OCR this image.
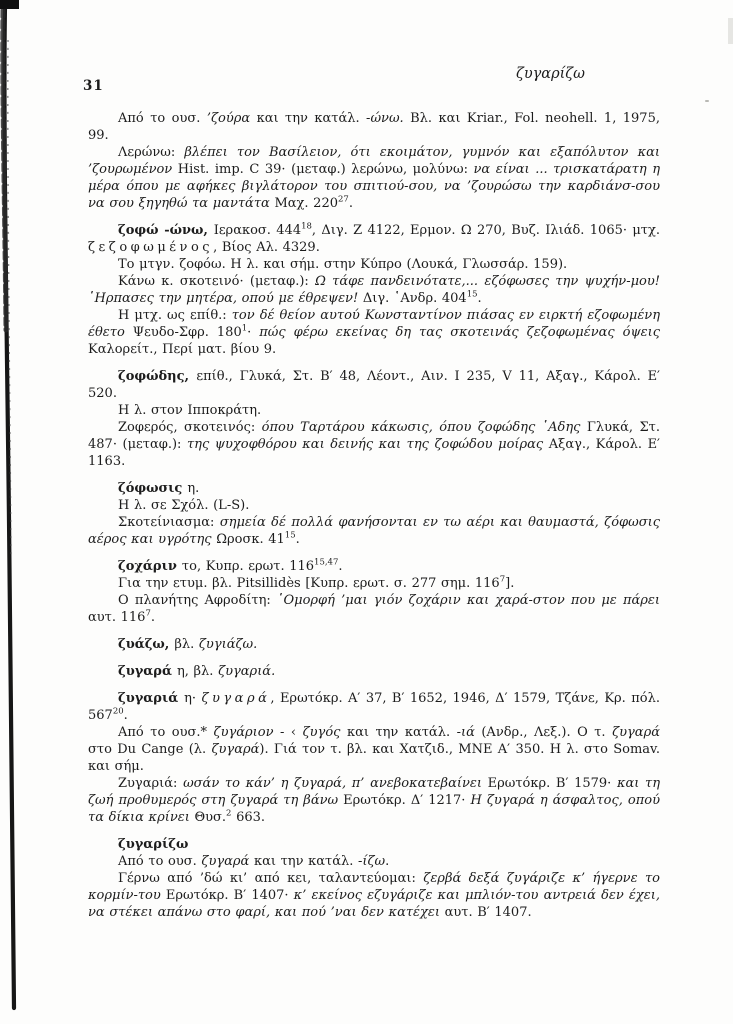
31
ζυγαρίζω

Από το ουσ. ’ζούρα και την κατάλ. -ώνω. Βλ. και Kriar., Fol. neohell. 1, 1975, 99.

Λερώνω: βλέπει τον Βασίλειον, ότι εκοιμάτον, γυμνόν και εξαπόλυτον και ’ζουρωμένον Hist. imp. C 39· (μεταφ.) λερώνω, μολύνω: να είναι ... τρισκατάρατη η μέρα όπου με αφήκες βιγλάτορον του σπιτιού-σου, να ’ζουρώσω την καρδιάνσ-σου να σου ξηγηθώ τα μαντάτα Μαχ. $220^{27}$.

ζοφώ -ώνω, Ιερακοσ. $444^{18}$, Διγ. Ζ 4122, Ερμον. Ω 270, Βυζ. Ιλιάδ. 1065· μτχ. ζεζοφωμένος, Βίος Αλ. 4329.

Το μτγν. ζοφόω. Η λ. και σήμ. στην Κύπρο (Λουκά, Γλωσσάρ. 159).

Κάνω κ. σκοτεινό· (μεταφ.): Ω τάφε πανδεινότατε,... εζόφωσες την ψυχήν-μου! ῾Ηρπασες την μητέρα, οπού με έθρεψεν! Διγ. ῾Ανδρ. $404^{15}$.

Η μτχ. ως επίθ.: τον δέ θείον αυτού Κωνσταντίνον πιάσας εν ειρκτή εζοφωμένη έθετο Ψευδο-Σφρ. $180^1\cdot \pi ώ\varsigma$ φέρω εκείνας δη τας σκοτεινάς ζεζοφωμένας όψεις Καλορείτ., Περί ματ. βίου 9.

ζοφώδης, επίθ., Γλυκά, Στ. Β′ 48, Λέοντ., Αιν. Ι 235, V 11, Αξαγ., Κάρολ. Ε′ 520.

Η λ. στον Ιπποκράτη.

Ζοφερός, σκοτεινός: όπου Ταρτάρου κάκωσις, όπου ζοφώδης ῾Αδης Γλυκά, Στ. 487· (μεταφ.): της ψυχοφθόρου και δεινής και της ζοφώδου μοίρας Αξαγ., Κάρολ. Ε′ 1163.

ζόφωσις η.

Η λ. σε Σχόλ. (L-S).

Σκοτείνιασμα: σημεία δέ πολλά φανήσονται εν τω αέρι και θαυμαστά, ζόφωσις αέρος και υγρότης Ωροσκ. $41^{15}$.

ζοχάριν το, Κυπρ. ερωτ. 116$^{15,47}$.

Για την ετυμ. βλ. Pitsillidès [Κυπρ. ερωτ. σ. 277 σημ. $116^7$].

Ο πλανήτης Αφροδίτη: ῾Ομορφή ’μαι γιόν ζοχάριν και χαρά-στον που με πάρει αυτ. $116^7$.

ζυάζω, βλ. ζυγιάζω.

ζυγαρά η, βλ. ζυγαριά.

ζυγαριά η· ζυγαρά, Ερωτόκρ. Α′ 37, Β′ 1652, 1946, Δ′ 1579, Τζάνε, Κρ. πόλ. $567^{20}$.

Από το ουσ.* ζυγάριον - ‹ ζυγός και την κατάλ. -ιά (Ανδρ., Λεξ.). Ο τ. ζυγαρά στο Du Cange (λ. ζυγαρά). Γιά τον τ. βλ. και Χατζιδ., ΜΝΕ Α′ 350. Η λ. στο Somav. και σήμ.

Ζυγαριά: ωσάν το κάν’ η ζυγαρά, π’ ανεβοκατεβαίνει Ερωτόκρ. Β′ 1579· και τη ζωή προθυμερός στη ζυγαρά τη βάνω Ερωτόκρ. Δ′ 1217· Η ζυγαρά η άσφαλτος, οπού τα δίκια κρίνει Θυσ.$^2$ 663.

ζυγαρίζω

Από το ουσ. ζυγαρά και την κατάλ. -ίζω.

Γέρνω από ’δώ κι’ από κει, ταλαντεύομαι: ζερβά δεξά ζυγάριζε κ’ ήγερνε το κορμίν-του Ερωτόκρ. Β′ 1407· κ’ εκείνος εζυγάριζε και μπλιόν-του αντρειά δεν έχει, να στέκει απάνω στο φαρί, και πού ’ναι δεν κατέχει αυτ. Β′ 1407.
